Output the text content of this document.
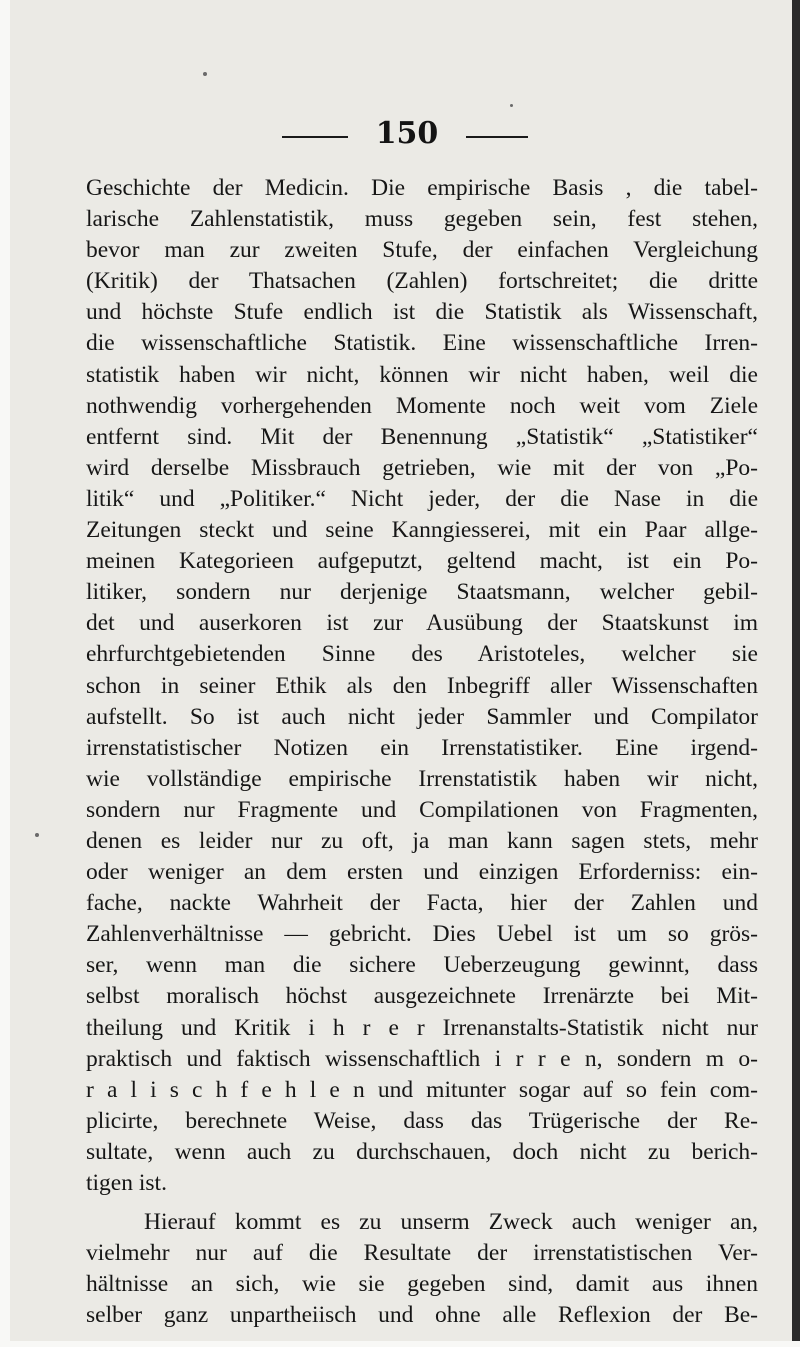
150
Geschichte der Medicin. Die empirische Basis , die tabel-
larische Zahlenstatistik, muss gegeben sein, fest stehen,
bevor man zur zweiten Stufe, der einfachen Vergleichung
(Kritik) der Thatsachen (Zahlen) fortschreitet; die dritte
und höchste Stufe endlich ist die Statistik als Wissenschaft,
die wissenschaftliche Statistik. Eine wissenschaftliche Irren-
statistik haben wir nicht, können wir nicht haben, weil die
nothwendig vorhergehenden Momente noch weit vom Ziele
entfernt sind. Mit der Benennung „Statistik“ „Statistiker“
wird derselbe Missbrauch getrieben, wie mit der von „Po-
litik“ und „Politiker.“ Nicht jeder, der die Nase in die
Zeitungen steckt und seine Kanngiesserei, mit ein Paar allge-
meinen Kategorieen aufgeputzt, geltend macht, ist ein Po-
litiker, sondern nur derjenige Staatsmann, welcher gebil-
det und auserkoren ist zur Ausübung der Staatskunst im
ehrfurchtgebietenden Sinne des Aristoteles, welcher sie
schon in seiner Ethik als den Inbegriff aller Wissenschaften
aufstellt. So ist auch nicht jeder Sammler und Compilator
irrenstatistischer Notizen ein Irrenstatistiker. Eine irgend-
wie vollständige empirische Irrenstatistik haben wir nicht,
sondern nur Fragmente und Compilationen von Fragmenten,
denen es leider nur zu oft, ja man kann sagen stets, mehr
oder weniger an dem ersten und einzigen Erforderniss: ein-
fache, nackte Wahrheit der Facta, hier der Zahlen und
Zahlenverhältnisse — gebricht. Dies Uebel ist um so grös-
ser, wenn man die sichere Ueberzeugung gewinnt, dass
selbst moralisch höchst ausgezeichnete Irrenärzte bei Mit-
theilung und Kritik i h r e r Irrenanstalts-Statistik nicht nur
praktisch und faktisch wissenschaftlich i r r e n, sondern m o-
r a l i s c h f e h l e n und mitunter sogar auf so fein com-
plicirte, berechnete Weise, dass das Trügerische der Re-
sultate, wenn auch zu durchschauen, doch nicht zu berich-
tigen ist.
Hierauf kommt es zu unserm Zweck auch weniger an,
vielmehr nur auf die Resultate der irrenstatistischen Ver-
hältnisse an sich, wie sie gegeben sind, damit aus ihnen
selber ganz unpartheiisch und ohne alle Reflexion der Be-
